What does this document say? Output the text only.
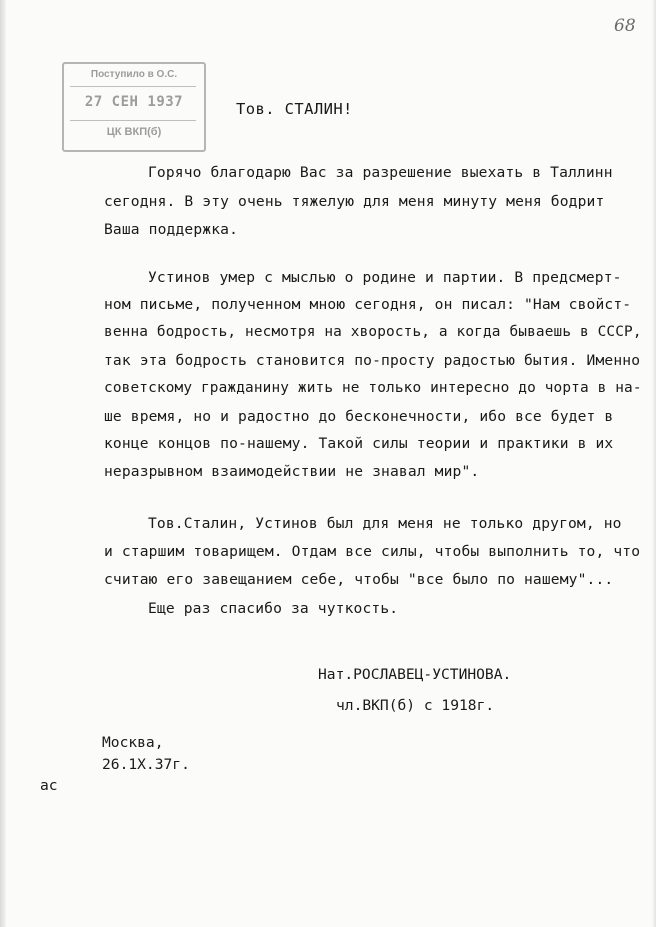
68
Поступило в О.С.
27 СЕН 1937
ЦК ВКП(б)
Тов. СТАЛИН!
Горячо благодарю Вас за разрешение выехать в Таллинн
сегодня. В эту очень тяжелую для меня минуту меня бодрит
Ваша поддержка.
Устинов умер с мыслью о родине и партии. В предсмерт-
ном письме, полученном мною сегодня, он писал: "Нам свойст-
венна бодрость, несмотря на хворость, а когда бываешь в СССР,
так эта бодрость становится по-просту радостью бытия. Именно
советскому гражданину жить не только интересно до чорта в на-
ше время, но и радостно до бесконечности, ибо все будет в
конце концов по-нашему. Такой силы теории и практики в их
неразрывном взаимодействии не знавал мир".
Тов.Сталин, Устинов был для меня не только другом, но
и старшим товарищем. Отдам все силы, чтобы выполнить то, что
считаю его завещанием себе, чтобы "все было по нашему"...
Еще раз спасибо за чуткость.
Нат.РОСЛАВЕЦ-УСТИНОВА.
чл.ВКП(б) с 1918г.
Москва,
26.1Х.37г.
ас
